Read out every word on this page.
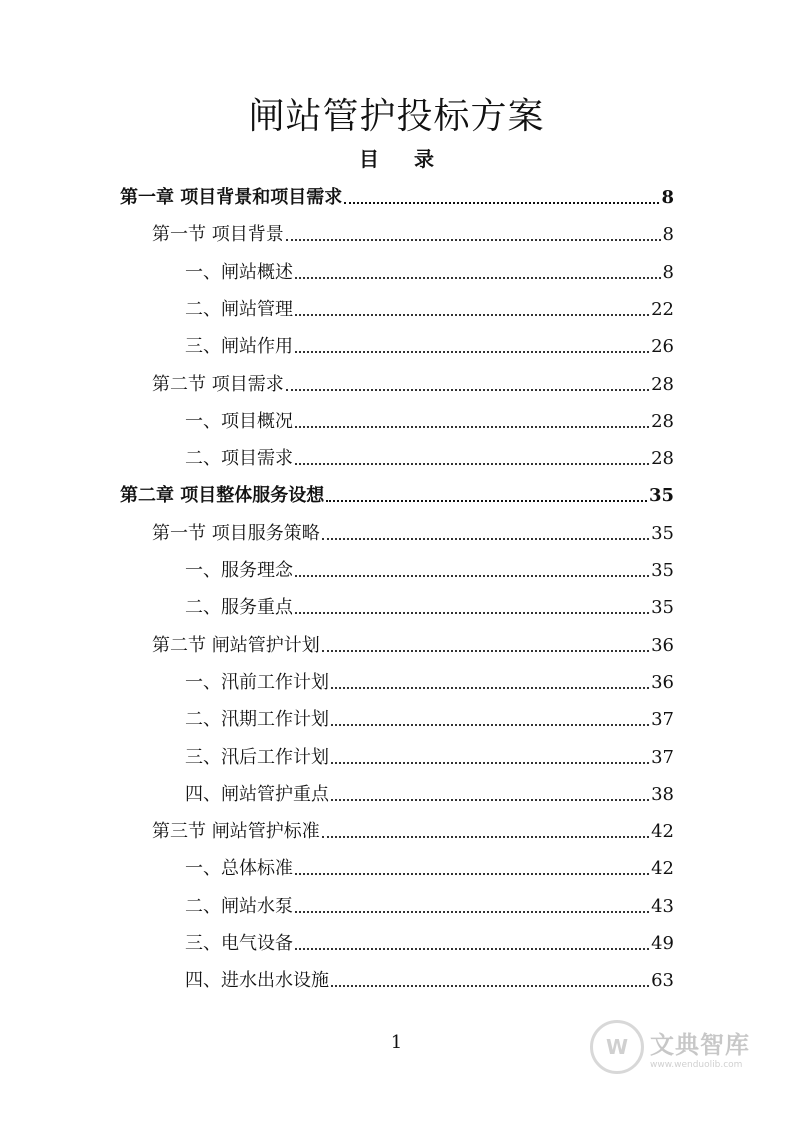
闸站管护投标方案
目 录
第一章 项目背景和项目需求	8
第一节 项目背景	8
一、闸站概述	8
二、闸站管理	22
三、闸站作用	26
第二节 项目需求	28
一、项目概况	28
二、项目需求	28
第二章 项目整体服务设想	35
第一节 项目服务策略	35
一、服务理念	35
二、服务重点	35
第二节 闸站管护计划	36
一、汛前工作计划	36
二、汛期工作计划	37
三、汛后工作计划	37
四、闸站管护重点	38
第三节 闸站管护标准	42
一、总体标准	42
二、闸站水泵	43
三、电气设备	49
四、进水出水设施	63
1	W 文典智库
www.wenduolib.com
